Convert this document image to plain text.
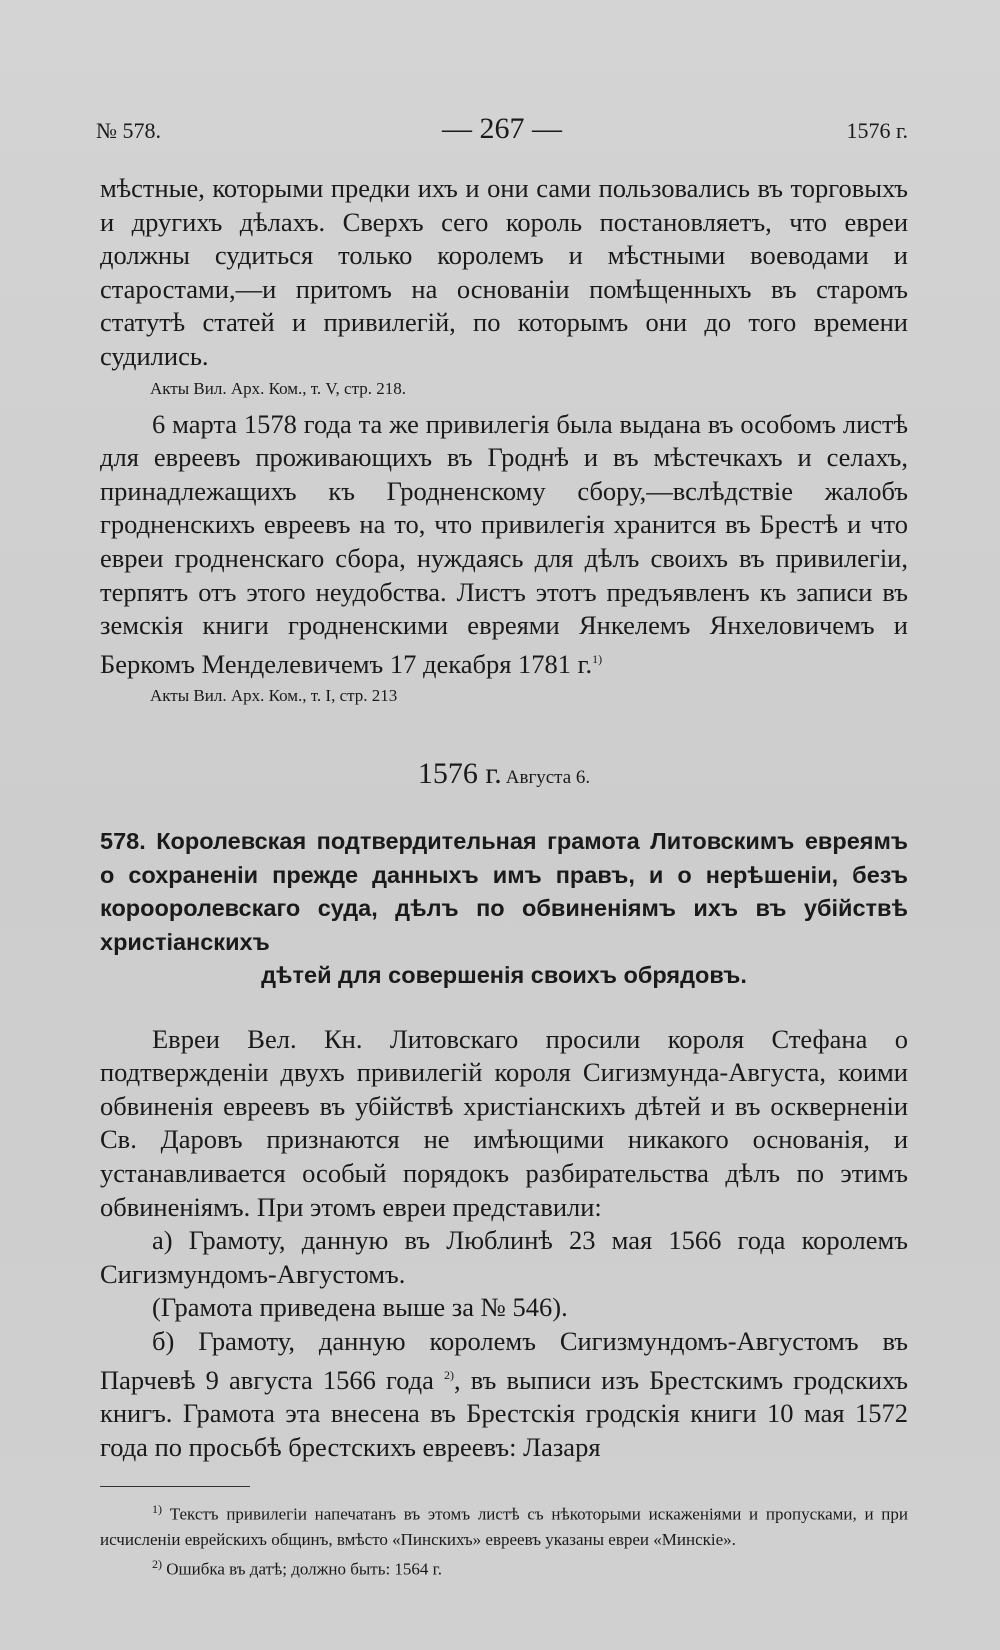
№ 578.	— 267 —	1576 г.

мѣстные, которыми предки ихъ и они сами пользовались въ торговыхъ и другихъ дѣлахъ. Сверхъ сего король постановляетъ, что евреи должны судиться только королемъ и мѣстными воеводами и старостами,—и притомъ на основаніи помѣщенныхъ въ старомъ статутѣ статей и привилегій, по которымъ они до того времени судились.

Акты Вил. Арх. Ком., т. V, стр. 218.

6 марта 1578 года та же привилегія была выдана въ особомъ листѣ для евреевъ проживающихъ въ Гроднѣ и въ мѣстечкахъ и селахъ, принадлежащихъ къ Гродненскому сбору,—вслѣдствіе жалобъ гродненскихъ евреевъ на то, что привилегія хранится въ Брестѣ и что евреи гродненскаго сбора, нуждаясь для дѣлъ своихъ въ привилегіи, терпятъ отъ этого неудобства. Листъ этотъ предъявленъ къ записи въ земскія книги гродненскими евреями Янкелемъ Янхеловичемъ и Беркомъ Менделевичемъ 17 декабря 1781 г.$^{1)}$

Акты Вил. Арх. Ком., т. I, стр. 213
1576 г. Августа 6.

578. Королевская подтвердительная грамота Литовскимъ евреямъ о сохраненіи прежде данныхъ имъ правъ, и о нерѣшеніи, безъ корооролевскаго суда, дѣлъ по обвиненіямъ ихъ въ убійствѣ христіанскихъ
дѣтей для совершенія своихъ обрядовъ.

Евреи Вел. Кн. Литовскаго просили короля Стефана о подтвержденіи двухъ привилегій короля Сигизмунда-Августа, коими обвиненія евреевъ въ убійствѣ христіанскихъ дѣтей и въ оскверненіи Св. Даровъ признаются не имѣющими никакого основанія, и устанавливается особый порядокъ разбирательства дѣлъ по этимъ обвиненіямъ. При этомъ евреи представили:

а) Грамоту, данную въ Люблинѣ 23 мая 1566 года королемъ Сигизмундомъ-Августомъ.

(Грамота приведена выше за № 546).

б) Грамоту, данную королемъ Сигизмундомъ-Августомъ въ Парчевѣ 9 августа 1566 года $^{2)}$, въ выписи изъ Брестскимъ гродскихъ книгъ. Грамота эта внесена въ Брестскія гродскія книги 10 мая 1572 года по просьбѣ брестскихъ евреевъ: Лазаря

$^{1)}$ Текстъ привилегіи напечатанъ въ этомъ листѣ съ нѣкоторыми искаженіями и пропусками, и при исчисленіи еврейскихъ общинъ, вмѣсто «Пинскихъ» евреевъ указаны евреи «Минскіе».

$^{2)}$ Ошибка въ датѣ; должно быть: 1564 г.
